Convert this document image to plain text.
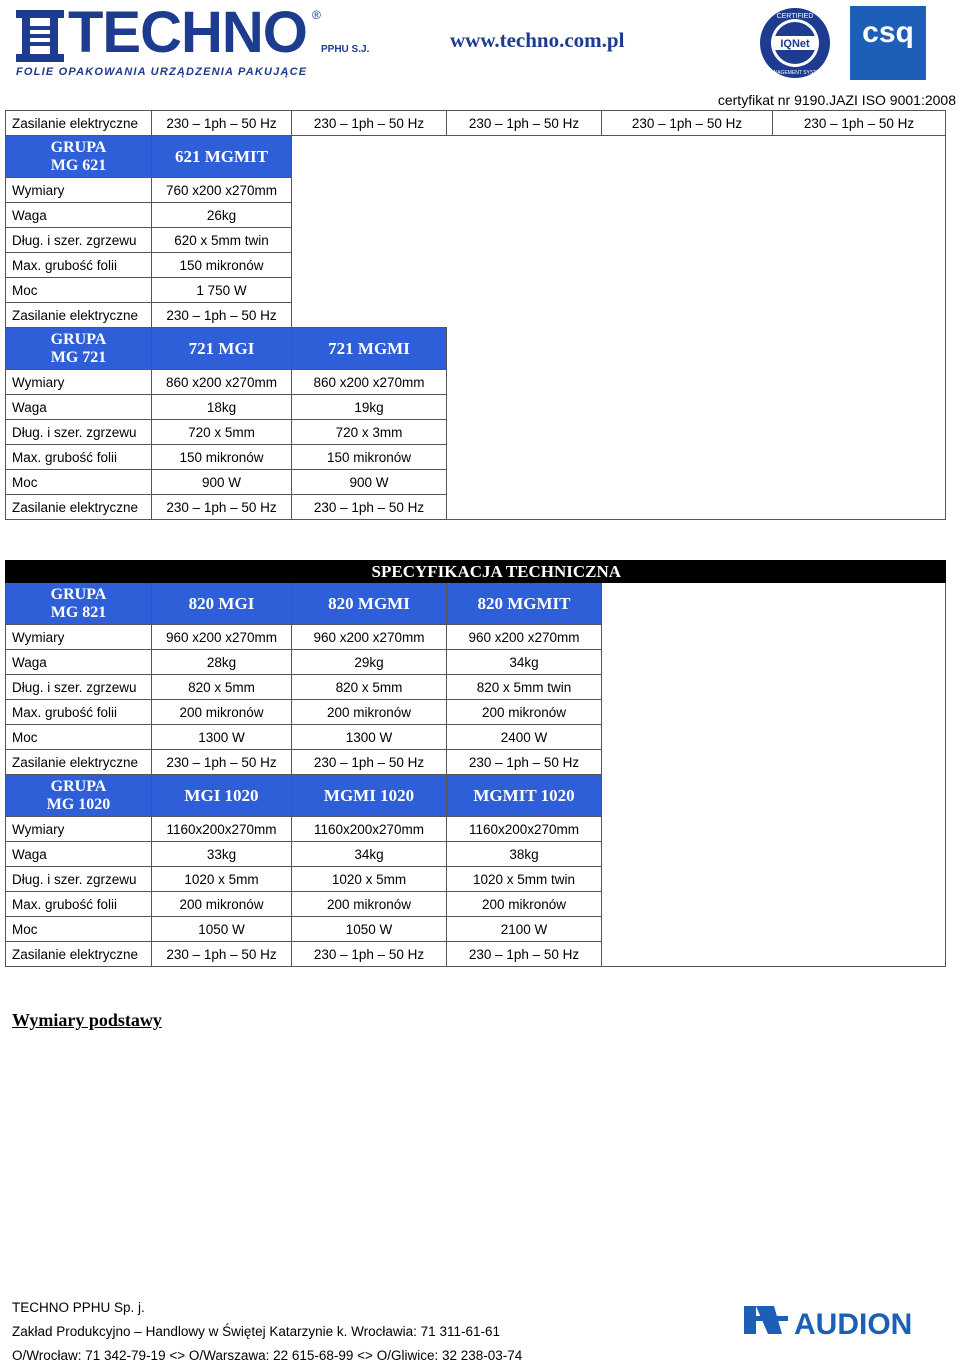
TECHNO ®
PPHU S.J.
FOLIE OPAKOWANIA URZĄDZENIA PAKUJĄCE
www.techno.com.pl	IQNet
CERTIFIED
MANAGEMENT SYSTEM
csq
certyfikat nr 9190.JAZI ISO 9001:2008
Zasilanie elektryczne	230 – 1ph – 50 Hz	230 – 1ph – 50 Hz	230 – 1ph – 50 Hz	230 – 1ph – 50 Hz	230 – 1ph – 50 Hz
GRUPA
MG 621	621 MGMIT				
Wymiary	760 x200 x270mm				
Waga	26kg				
Dług. i szer. zgrzewu	620 x 5mm twin				
Max. grubość folii	150 mikronów				
Moc	1 750 W				
Zasilanie elektryczne	230 – 1ph – 50 Hz				
GRUPA
MG 721	721 MGI	721 MGMI			
Wymiary	860 x200 x270mm	860 x200 x270mm			
Waga	18kg	19kg			
Dług. i szer. zgrzewu	720 x 5mm	720 x 3mm			
Max. grubość folii	150 mikronów	150 mikronów			
Moc	900 W	900 W			
Zasilanie elektryczne	230 – 1ph – 50 Hz	230 – 1ph – 50 Hz			
SPECYFIKACJA TECHNICZNA				
GRUPA
MG 821	820 MGI	820 MGMI	820 MGMIT	
Wymiary	960 x200 x270mm	960 x200 x270mm	960 x200 x270mm	
Waga	28kg	29kg	34kg	
Dług. i szer. zgrzewu	820 x 5mm	820 x 5mm	820 x 5mm twin	
Max. grubość folii	200 mikronów	200 mikronów	200 mikronów	
Moc	1300 W	1300 W	2400 W	
Zasilanie elektryczne	230 – 1ph – 50 Hz	230 – 1ph – 50 Hz	230 – 1ph – 50 Hz	
GRUPA
MG 1020	MGI 1020	MGMI 1020	MGMIT 1020	
Wymiary	1160x200x270mm	1160x200x270mm	1160x200x270mm	
Waga	33kg	34kg	38kg	
Dług. i szer. zgrzewu	1020 x 5mm	1020 x 5mm	1020 x 5mm twin	
Max. grubość folii	200 mikronów	200 mikronów	200 mikronów	
Moc	1050 W	1050 W	2100 W	
Zasilanie elektryczne	230 – 1ph – 50 Hz	230 – 1ph – 50 Hz	230 – 1ph – 50 Hz	
Wymiary podstawy
TECHNO PPHU Sp. j.
Zakład Produkcyjno – Handlowy w Świętej Katarzynie k. Wrocławia: 71 311-61-61
O/Wrocław: 71 342-79-19 <> O/Warszawa: 22 615-68-99 <> O/Gliwice: 32 238-03-74
AUDION
